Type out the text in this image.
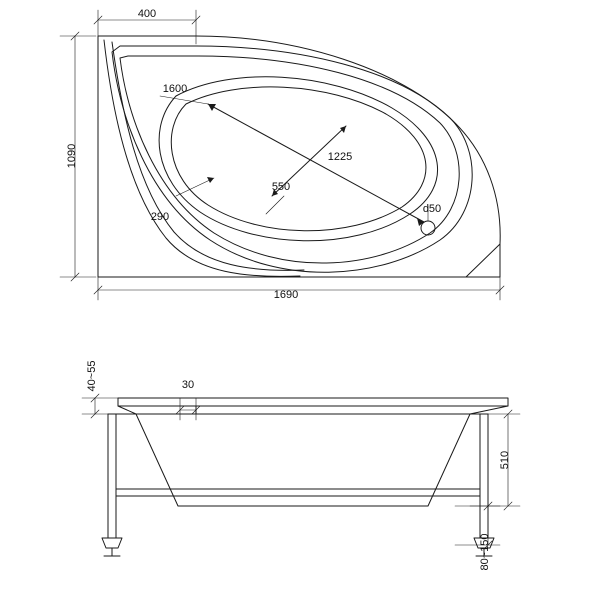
400
1090
1600
1225
550
290
d50
1690
40~55	30
510
80~150
